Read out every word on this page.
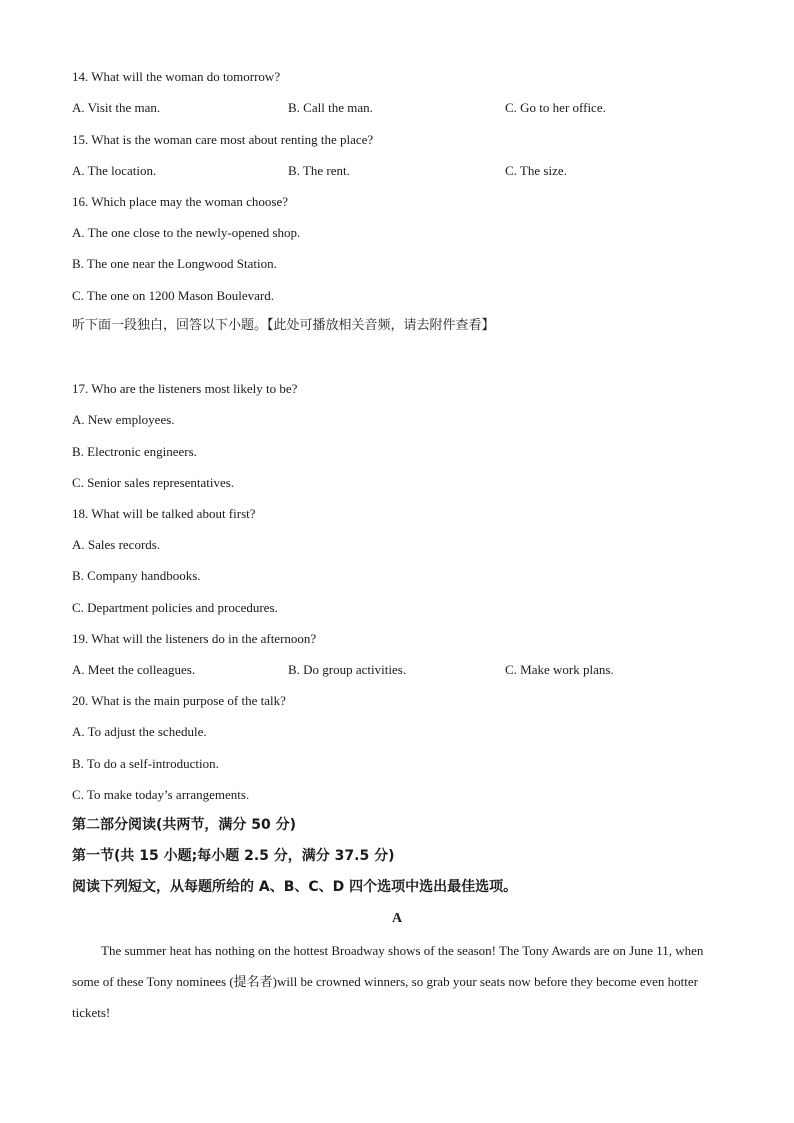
14. What will the woman do tomorrow?
A. Visit the man.	B. Call the man.	C. Go to her office.
15. What is the woman care most about renting the place?
A. The location.	B. The rent.	C. The size.
16. Which place may the woman choose?
A. The one close to the newly-opened shop.
B. The one near the Longwood Station.
C. The one on 1200 Mason Boulevard.
听下面一段独白，回答以下小题。【此处可播放相关音频，请去附件查看】
17. Who are the listeners most likely to be?
A. New employees.
B. Electronic engineers.
C. Senior sales representatives.
18. What will be talked about first?
A. Sales records.
B. Company handbooks.
C. Department policies and procedures.
19. What will the listeners do in the afternoon?
A. Meet the colleagues.	B. Do group activities.	C. Make work plans.
20. What is the main purpose of the talk?
A. To adjust the schedule.
B. To do a self-introduction.
C. To make today’s arrangements.
第二部分阅读(共两节，满分 50 分)
第一节(共 15 小题;每小题 2.5 分，满分 37.5 分)
阅读下列短文，从每题所给的 A、B、C、D 四个选项中选出最佳选项。
A
The summer heat has nothing on the hottest Broadway shows of the season! The Tony Awards are on June 11, when some of these Tony nominees (提名者)will be crowned winners, so grab your seats now before they become even hotter tickets!
